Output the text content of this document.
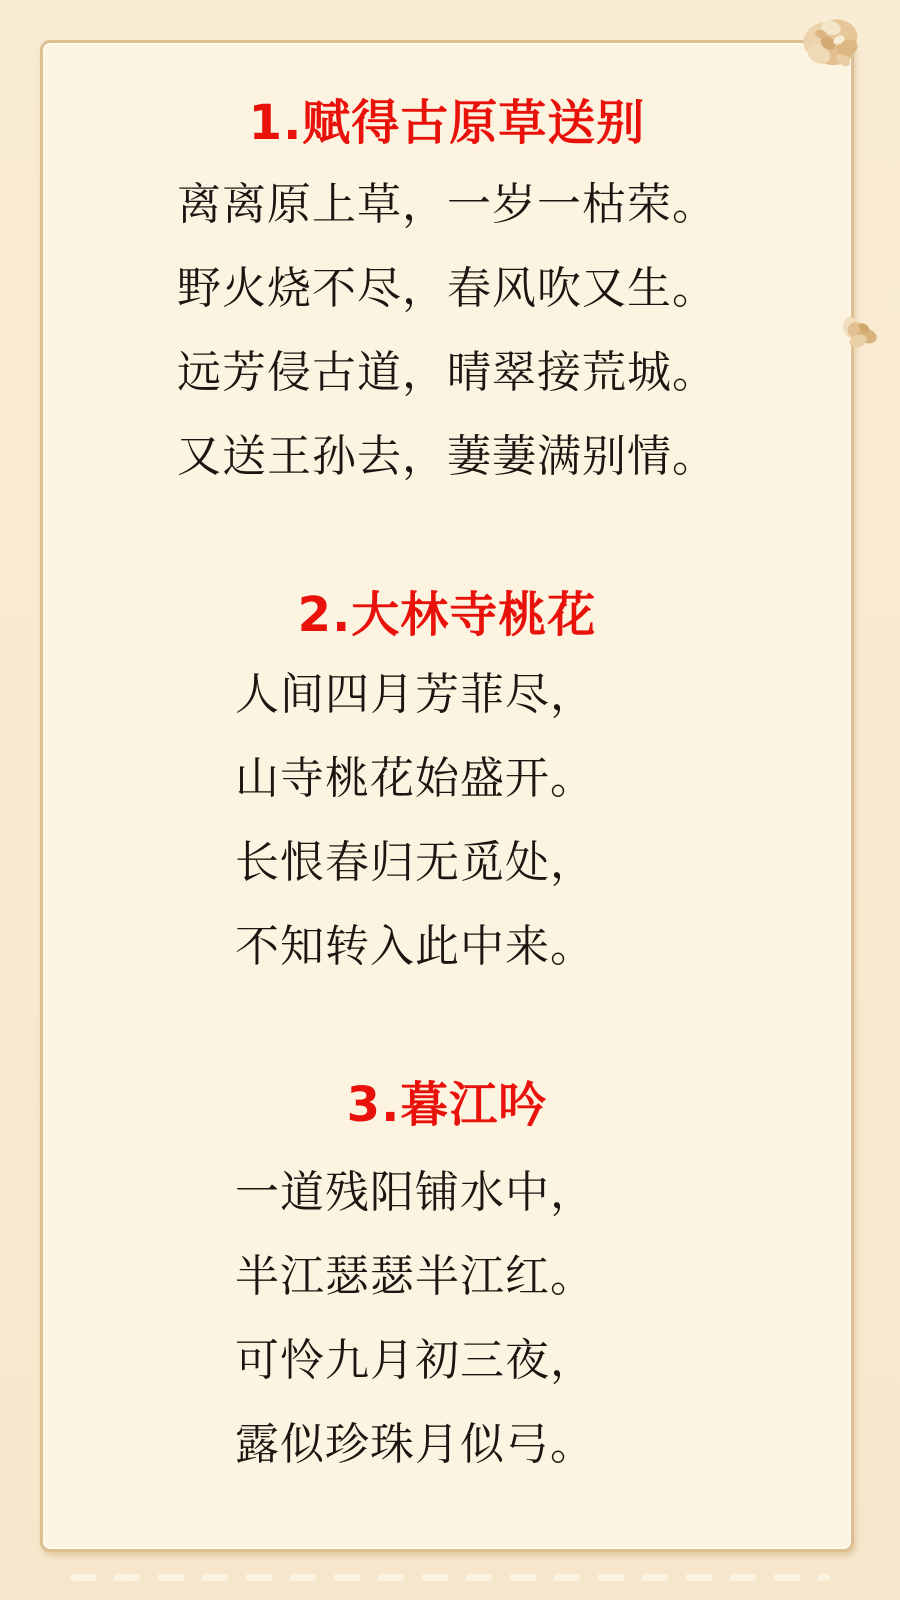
1.赋得古原草送别
离离原上草，一岁一枯荣。
野火烧不尽，春风吹又生。
远芳侵古道，晴翠接荒城。
又送王孙去，萋萋满别情。
2.大林寺桃花
人间四月芳菲尽，
山寺桃花始盛开。
长恨春归无觅处，
不知转入此中来。
3.暮江吟
一道残阳铺水中，
半江瑟瑟半江红。
可怜九月初三夜，
露似珍珠月似弓。
